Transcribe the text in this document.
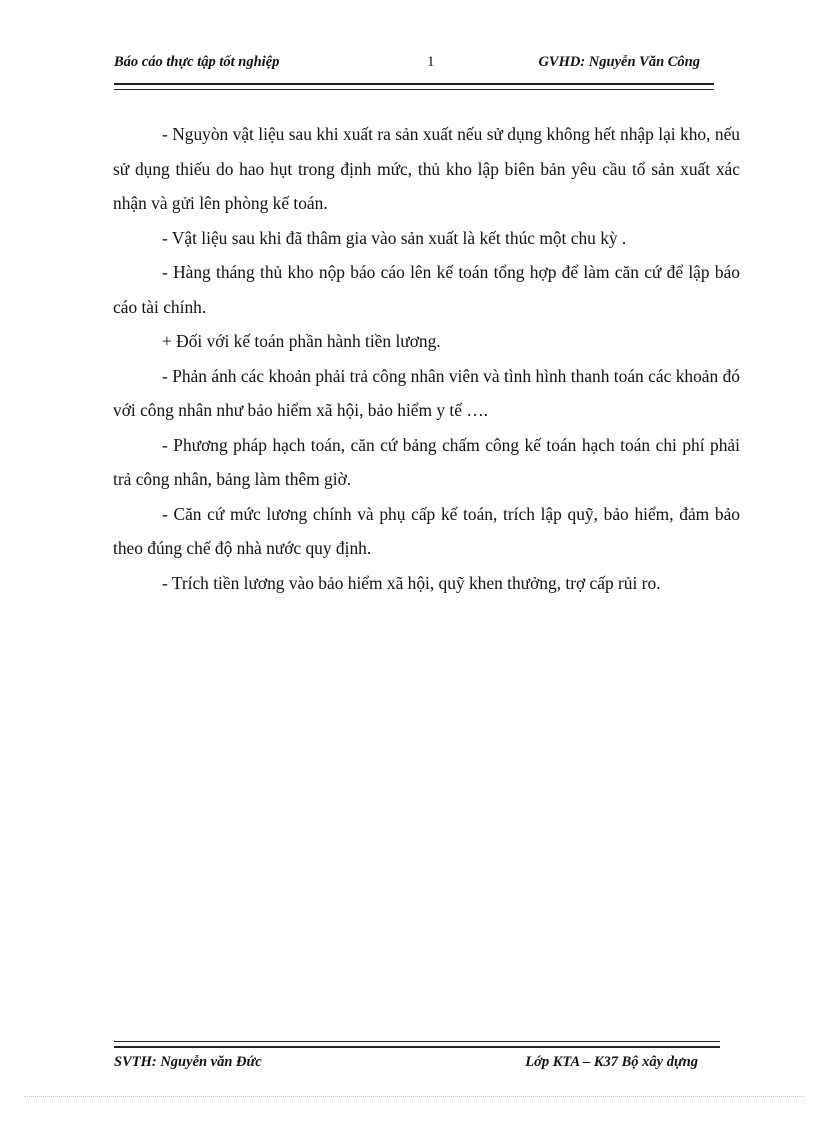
Báo cáo thực tập tốt nghiệp	1	GVHD: Nguyễn Văn Công

- Nguyòn vật liệu sau khi xuất ra sản xuất nếu sử dụng không hết nhập lại kho, nếu sử dụng thiếu do hao hụt trong định mức, thủ kho lập biên bản yêu cầu tổ sản xuất xác nhận và gửi lên phòng kế toán.

- Vật liệu sau khi đã thâm gia vào sản xuất là kết thúc một chu kỳ .

- Hàng tháng thủ kho nộp báo cáo lên kế toán tổng hợp để làm căn cứ để lập báo cáo tài chính.

+ Đối với kế toán phần hành tiền lương.

- Phản ánh các khoản phải trả công nhân viên và tình hình thanh toán các khoản đó với công nhân như bảo hiểm xã hội, bảo hiểm y tế ….

- Phương pháp hạch toán, căn cứ bảng chấm công kế toán hạch toán chi phí phải trả công nhân, bảng làm thêm giờ.

- Căn cứ mức lương chính và phụ cấp kế toán, trích lập quỹ, bảo hiểm, đảm bảo theo đúng chế độ nhà nước quy định.

- Trích tiền lương vào bảo hiểm xã hội, quỹ khen thưởng, trợ cấp rủi ro.

SVTH: Nguyễn văn Đức	Lớp KTA – K37 Bộ xây dựng
